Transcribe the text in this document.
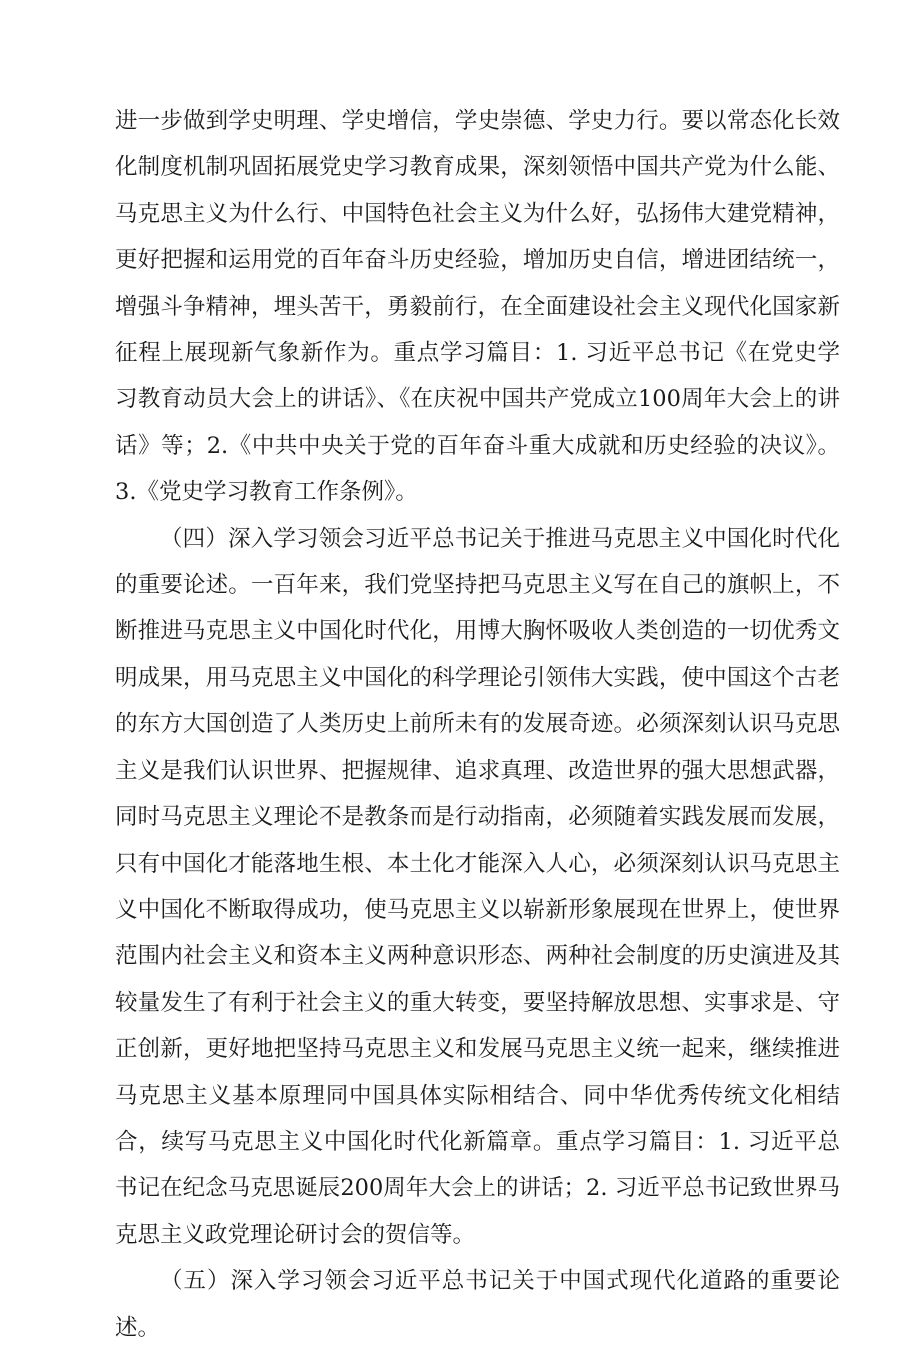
进一步做到学史明理、学史增信，学史崇德、学史力行。要以常态化长效化制度机制巩固拓展党史学习教育成果，深刻领悟中国共产党为什么能、马克思主义为什么行、中国特色社会主义为什么好，弘扬伟大建党精神，更好把握和运用党的百年奋斗历史经验，增加历史自信，增进团结统一，增强斗争精神，埋头苦干，勇毅前行，在全面建设社会主义现代化国家新征程上展现新气象新作为。重点学习篇目：1. 习近平总书记《在党史学习教育动员大会上的讲话》、《在庆祝中国共产党成立100周年大会上的讲话》等；2.《中共中央关于党的百年奋斗重大成就和历史经验的决议》。3.《党史学习教育工作条例》。

（四）深入学习领会习近平总书记关于推进马克思主义中国化时代化的重要论述。一百年来，我们党坚持把马克思主义写在自己的旗帜上，不断推进马克思主义中国化时代化，用博大胸怀吸收人类创造的一切优秀文明成果，用马克思主义中国化的科学理论引领伟大实践，使中国这个古老的东方大国创造了人类历史上前所未有的发展奇迹。必须深刻认识马克思主义是我们认识世界、把握规律、追求真理、改造世界的强大思想武器，同时马克思主义理论不是教条而是行动指南，必须随着实践发展而发展，只有中国化才能落地生根、本土化才能深入人心，必须深刻认识马克思主义中国化不断取得成功，使马克思主义以崭新形象展现在世界上，使世界范围内社会主义和资本主义两种意识形态、两种社会制度的历史演进及其较量发生了有利于社会主义的重大转变，要坚持解放思想、实事求是、守正创新，更好地把坚持马克思主义和发展马克思主义统一起来，继续推进马克思主义基本原理同中国具体实际相结合、同中华优秀传统文化相结合，续写马克思主义中国化时代化新篇章。重点学习篇目：1. 习近平总书记在纪念马克思诞辰200周年大会上的讲话；2. 习近平总书记致世界马克思主义政党理论研讨会的贺信等。

（五）深入学习领会习近平总书记关于中国式现代化道路的重要论述。
